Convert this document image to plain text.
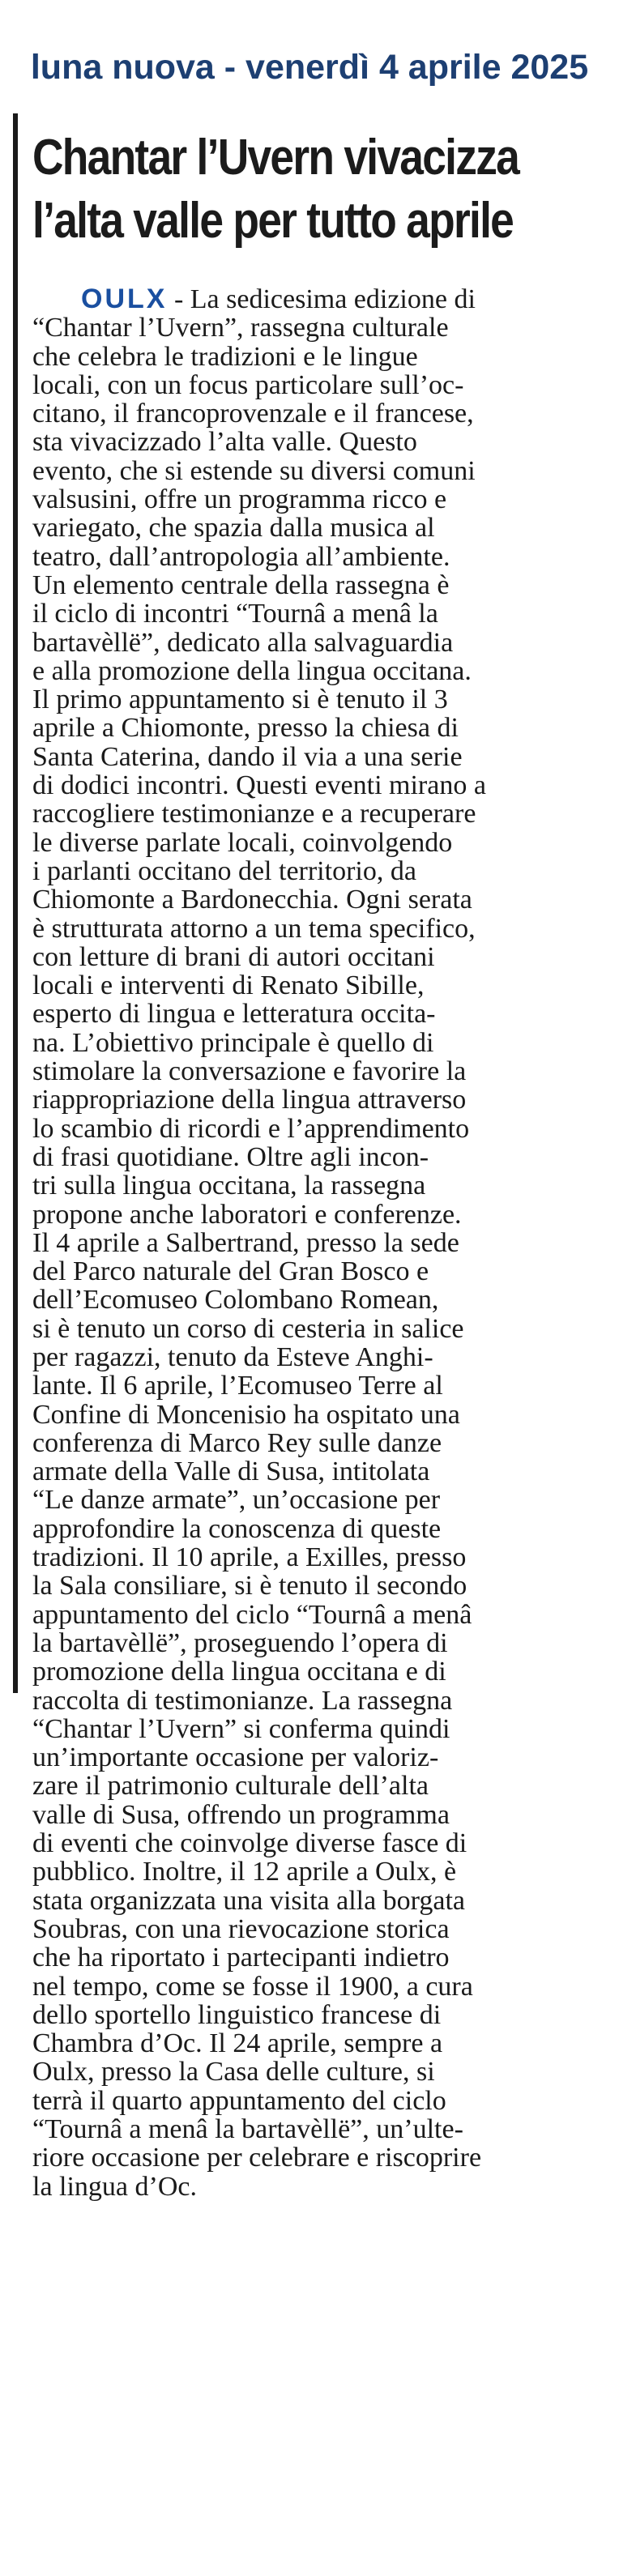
luna nuova - venerdì 4 aprile 2025
Chantar l’Uvern vivacizza
l’alta valle per tutto aprile
OULX - La sedicesima edizione di
“Chantar l’Uvern”, rassegna culturale
che celebra le tradizioni e le lingue
locali, con un focus particolare sull’oc-
citano, il francoprovenzale e il francese,
sta vivacizzado l’alta valle. Questo
evento, che si estende su diversi comuni
valsusini, offre un programma ricco e
variegato, che spazia dalla musica al
teatro, dall’antropologia all’ambiente.
Un elemento centrale della rassegna è
il ciclo di incontri “Tournâ a menâ la
bartavèllë”, dedicato alla salvaguardia
e alla promozione della lingua occitana.
Il primo appuntamento si è tenuto il 3
aprile a Chiomonte, presso la chiesa di
Santa Caterina, dando il via a una serie
di dodici incontri. Questi eventi mirano a
raccogliere testimonianze e a recuperare
le diverse parlate locali, coinvolgendo
i parlanti occitano del territorio, da
Chiomonte a Bardonecchia. Ogni serata
è strutturata attorno a un tema specifico,
con letture di brani di autori occitani
locali e interventi di Renato Sibille,
esperto di lingua e letteratura occita-
na. L’obiettivo principale è quello di
stimolare la conversazione e favorire la
riappropriazione della lingua attraverso
lo scambio di ricordi e l’apprendimento
di frasi quotidiane. Oltre agli incon-
tri sulla lingua occitana, la rassegna
propone anche laboratori e conferenze.
Il 4 aprile a Salbertrand, presso la sede
del Parco naturale del Gran Bosco e
dell’Ecomuseo Colombano Romean,
si è tenuto un corso di cesteria in salice
per ragazzi, tenuto da Esteve Anghi-
lante. Il 6 aprile, l’Ecomuseo Terre al
Confine di Moncenisio ha ospitato una
conferenza di Marco Rey sulle danze
armate della Valle di Susa, intitolata
“Le danze armate”, un’occasione per
approfondire la conoscenza di queste
tradizioni. Il 10 aprile, a Exilles, presso
la Sala consiliare, si è tenuto il secondo
appuntamento del ciclo “Tournâ a menâ
la bartavèllë”, proseguendo l’opera di
promozione della lingua occitana e di
raccolta di testimonianze. La rassegna
“Chantar l’Uvern” si conferma quindi
un’importante occasione per valoriz-
zare il patrimonio culturale dell’alta
valle di Susa, offrendo un programma
di eventi che coinvolge diverse fasce di
pubblico. Inoltre, il 12 aprile a Oulx, è
stata organizzata una visita alla borgata
Soubras, con una rievocazione storica
che ha riportato i partecipanti indietro
nel tempo, come se fosse il 1900, a cura
dello sportello linguistico francese di
Chambra d’Oc. Il 24 aprile, sempre a
Oulx, presso la Casa delle culture, si
terrà il quarto appuntamento del ciclo
“Tournâ a menâ la bartavèllë”, un’ulte-
riore occasione per celebrare e riscoprire
la lingua d’Oc.
